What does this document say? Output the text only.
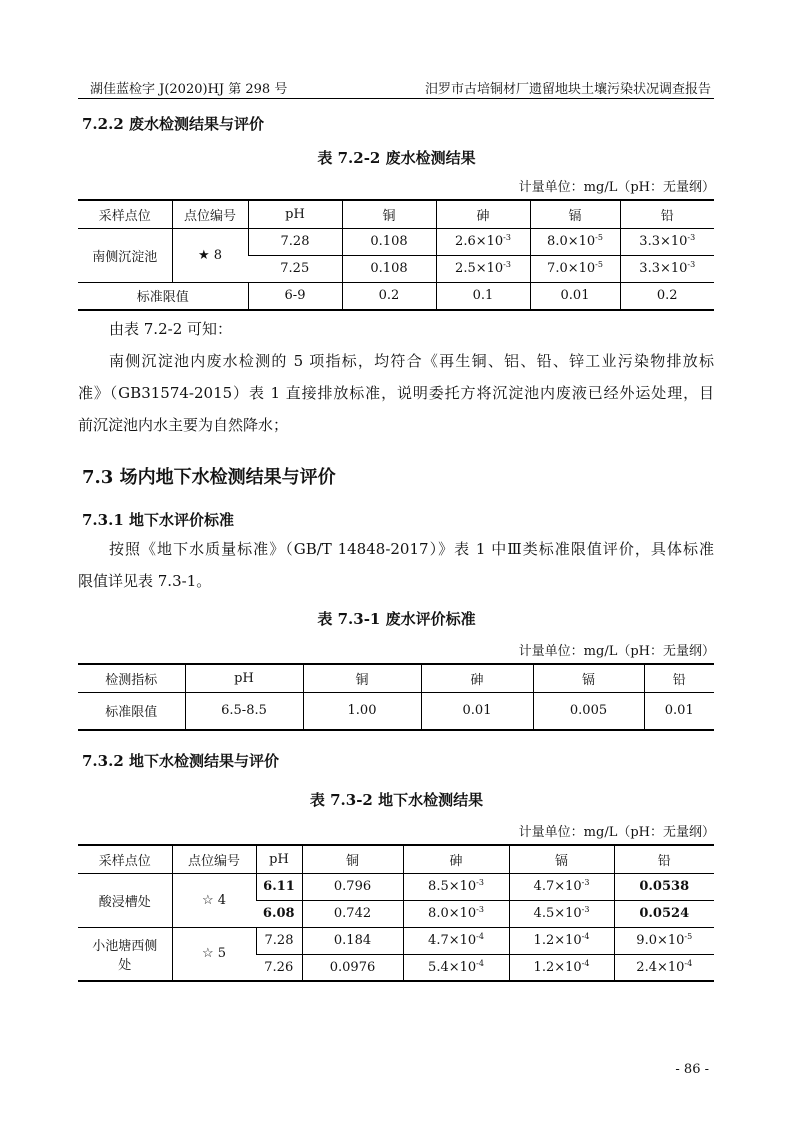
湖佳蓝检字 J(2020)HJ 第 298 号	汨罗市古培铜材厂遗留地块土壤污染状况调查报告
7.2.2 废水检测结果与评价
表 7.2-2 废水检测结果
计量单位：mg/L（pH：无量纲）
采样点位	点位编号	pH	铜	砷	镉	铅
南侧沉淀池	★ 8	7.28	0.108	$2.6\times 10^{-3}$	$8.0\times 10^{-5}$	$3.3\times 10^{-3}$
		7.25	0.108	$2.5\times 10^{-3}$	$7.0\times 10^{-5}$	$3.3\times 10^{-3}$
标准限值		6-9	0.2	0.1	0.01	0.2

由表 7.2-2 可知：

南侧沉淀池内废水检测的 5 项指标，均符合《再生铜、铝、铅、锌工业污染物排放标

准》（GB31574-2015）表 1 直接排放标准，说明委托方将沉淀池内废液已经外运处理，目

前沉淀池内水主要为自然降水；

7.3 场内地下水检测结果与评价
7.3.1 地下水评价标准

按照《地下水质量标准》（GB/T 14848-2017）》表 1 中Ⅲ类标准限值评价，具体标准

限值详见表 7.3-1。

表 7.3-1 废水评价标准
计量单位：mg/L（pH：无量纲）
检测指标	pH	铜	砷	镉	铅
标准限值	6.5-8.5	1.00	0.01	0.005	0.01
7.3.2 地下水检测结果与评价
表 7.3-2 地下水检测结果
计量单位：mg/L（pH：无量纲）
采样点位	点位编号	pH	铜	砷	镉	铅
酸浸槽处	☆ 4	6.11	0.796	$8.5\times 10^{-3}$	$4.7\times 10^{-3}$	0.0538
		6.08	0.742	$8.0\times 10^{-3}$	$4.5\times 10^{-3}$	0.0524
小池塘西侧
处	☆ 5	7.28	0.184	$4.7\times 10^{-4}$	$1.2\times 10^{-4}$	$9.0\times 10^{-5}$
		7.26	0.0976	$5.4\times 10^{-4}$	$1.2\times 10^{-4}$	$2.4\times 10^{-4}$
- 86 -
